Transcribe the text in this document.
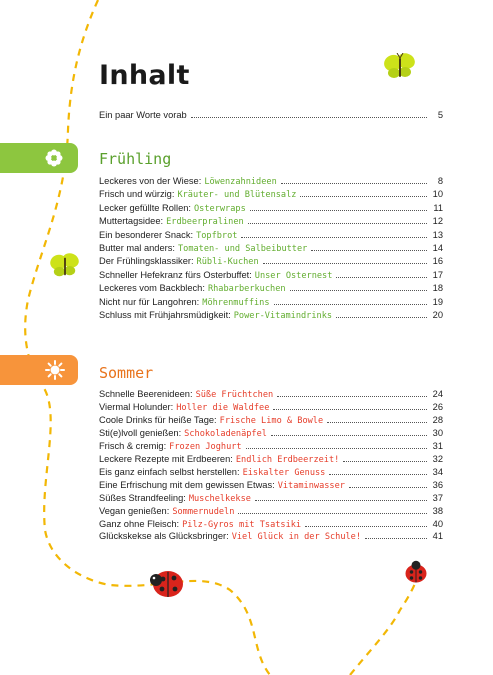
Inhalt
Ein paar Worte vorab	5
Frühling
Leckeres von der Wiese: Löwenzahnideen	8
Frisch und würzig: Kräuter- und Blütensalz	10
Lecker gefüllte Rollen: Osterwraps	11
Muttertagsidee: Erdbeerpralinen	12
Ein besonderer Snack: Topfbrot	13
Butter mal anders: Tomaten- und Salbeibutter	14
Der Frühlingsklassiker: Rübli-Kuchen	16
Schneller Hefekranz fürs Osterbuffet: Unser Osternest	17
Leckeres vom Backblech: Rhabarberkuchen	18
Nicht nur für Langohren: Möhrenmuffins	19
Schluss mit Frühjahrsmüdigkeit: Power-Vitamindrinks	20
Sommer
Schnelle Beerenideen: Süße Früchtchen	24
Viermal Holunder: Holler die Waldfee	26
Coole Drinks für heiße Tage: Frische Limo & Bowle	28
Sti(e)lvoll genießen: Schokoladenäpfel	30
Frisch & cremig: Frozen Joghurt	31
Leckere Rezepte mit Erdbeeren: Endlich Erdbeerzeit!	32
Eis ganz einfach selbst herstellen: Eiskalter Genuss	34
Eine Erfrischung mit dem gewissen Etwas: Vitaminwasser	36
Süßes Strandfeeling: Muschelkekse	37
Vegan genießen: Sommernudeln	38
Ganz ohne Fleisch: Pilz-Gyros mit Tsatsiki	40
Glückskekse als Glücksbringer: Viel Glück in der Schule!	41
